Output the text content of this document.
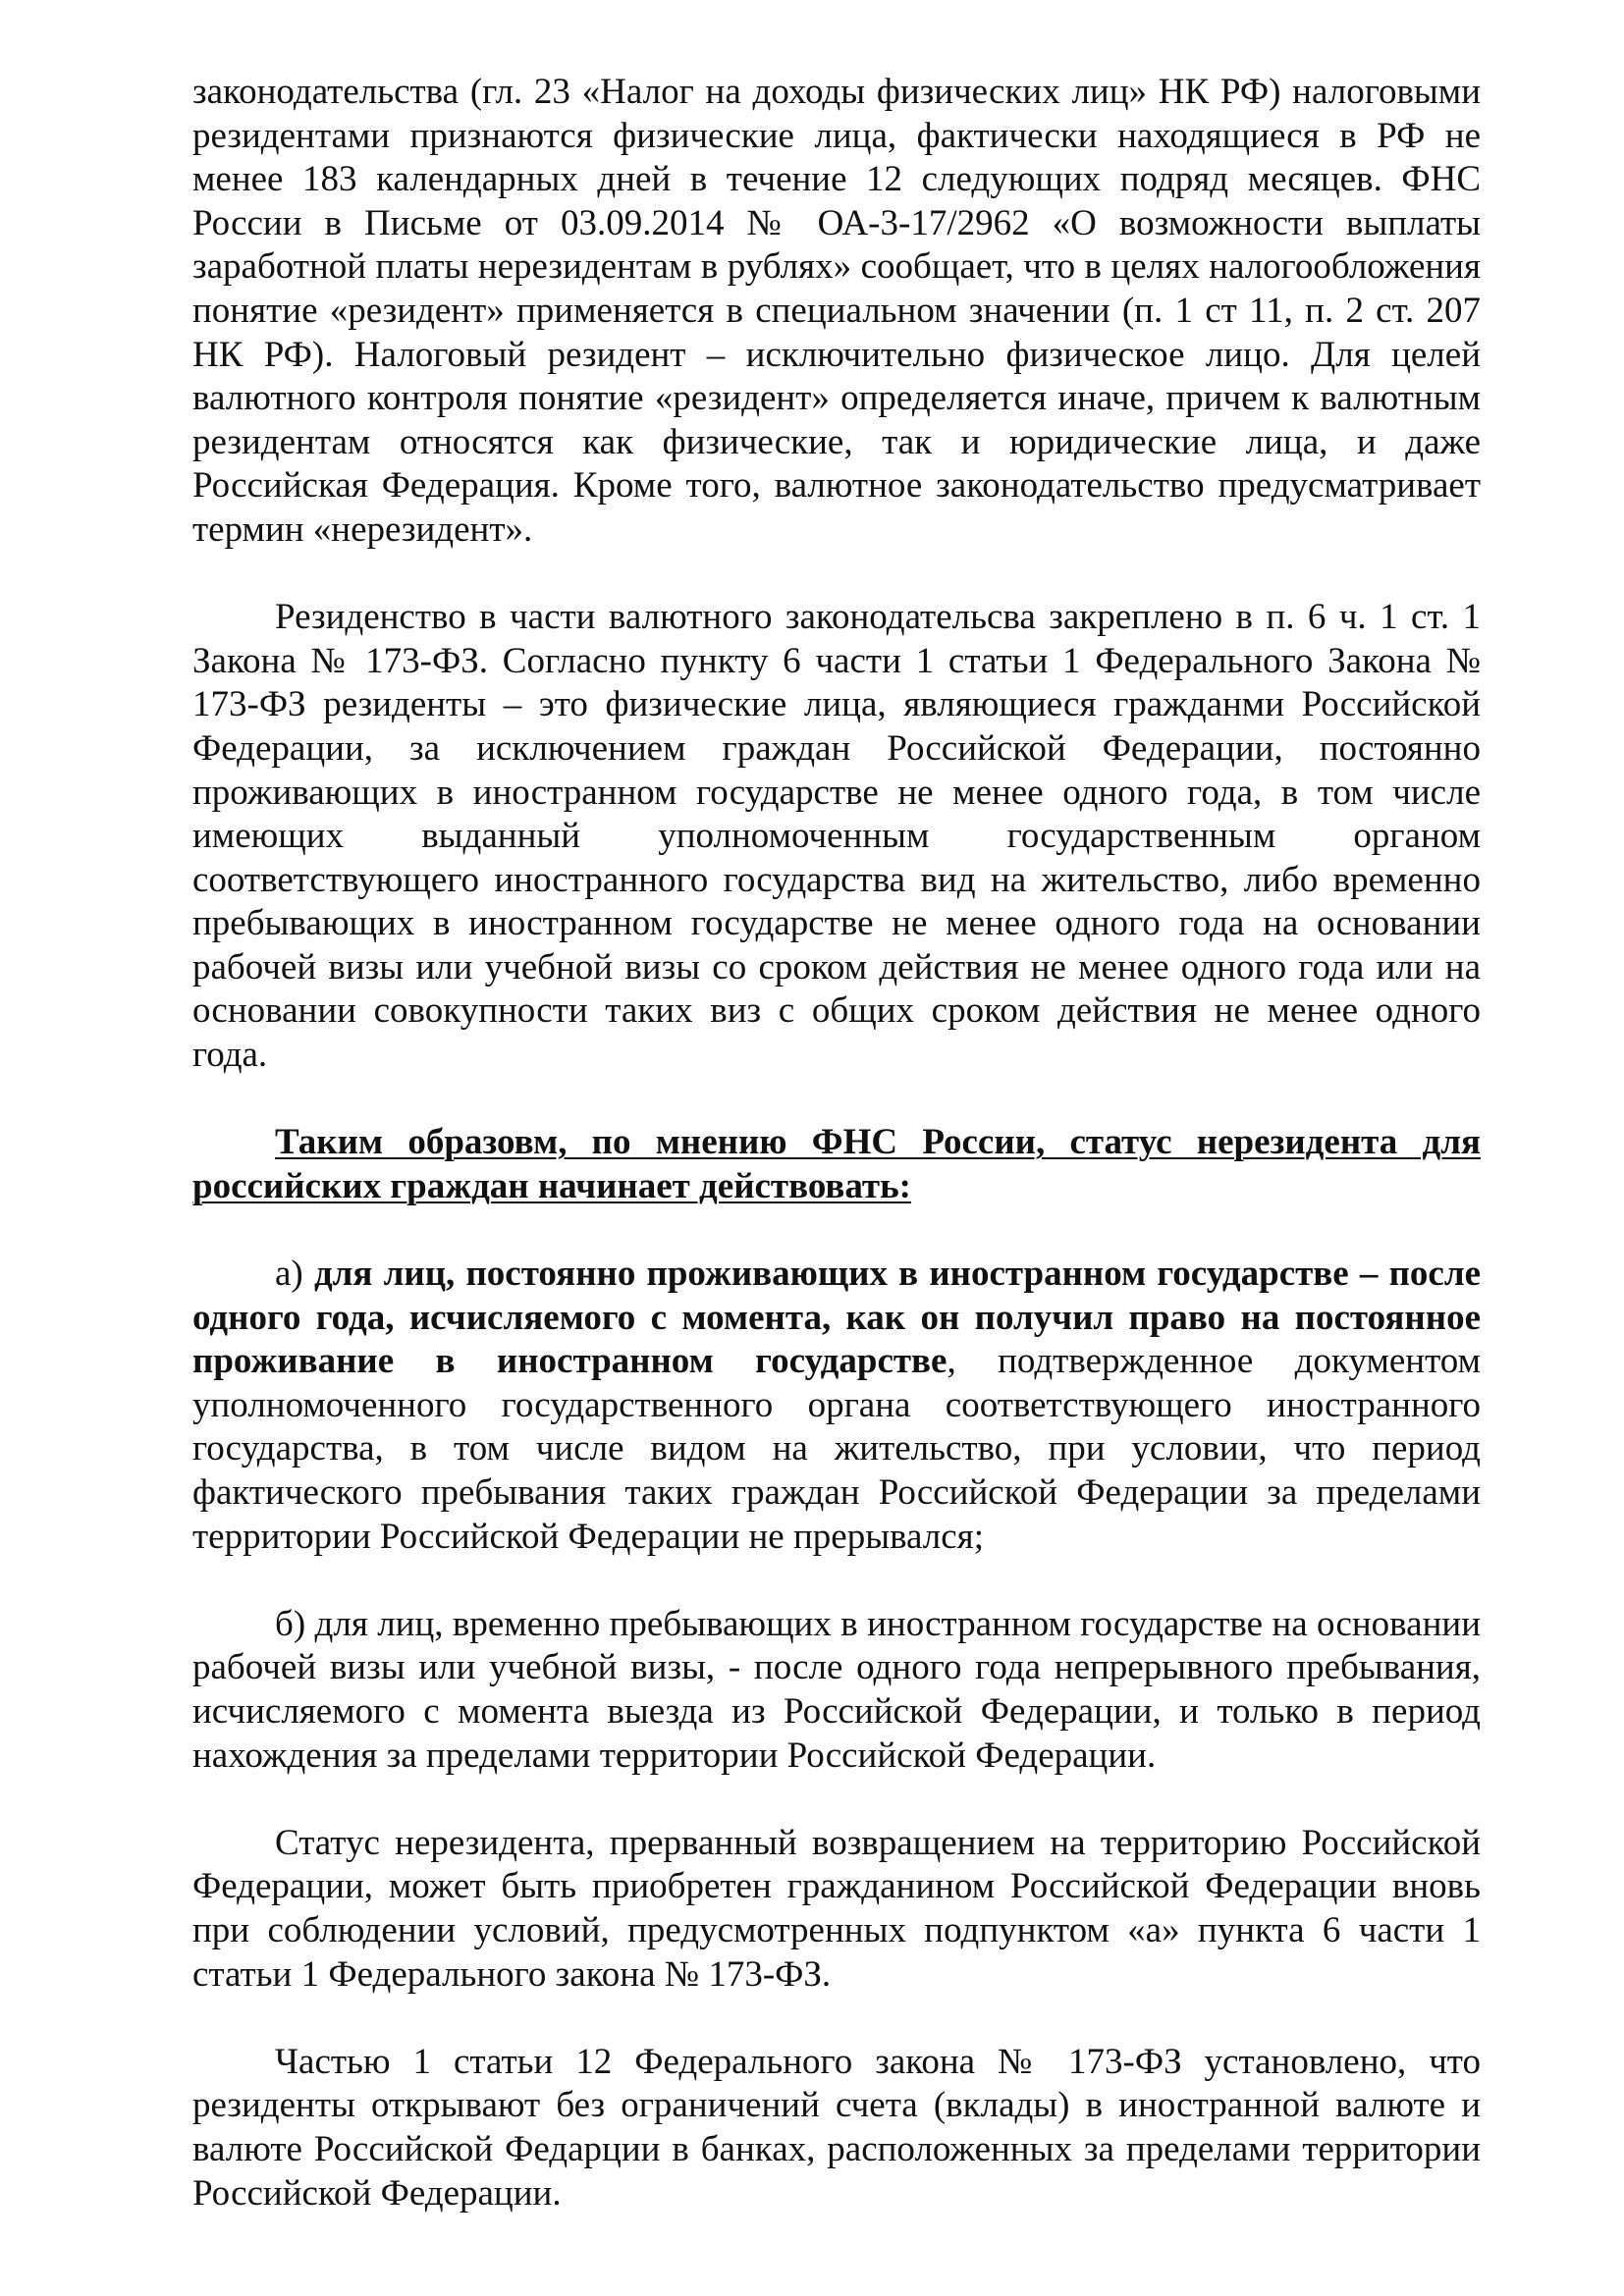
законодательства (гл. 23 «Налог на доходы физических лиц» НК РФ) налоговыми резидентами признаются физические лица, фактически находящиеся в РФ не менее 183 календарных дней в течение 12 следующих подряд месяцев. ФНС России в Письме от 03.09.2014 № ОА-3-17/2962 «О возможности выплаты заработной платы нерезидентам в рублях» сообщает, что в целях налогообложения понятие «резидент» применяется в специальном значении (п. 1 ст 11, п. 2 ст. 207 НК РФ). Налоговый резидент – исключительно физическое лицо. Для целей валютного контроля понятие «резидент» определяется иначе, причем к валютным резидентам относятся как физические, так и юридические лица, и даже Российская Федерация. Кроме того, валютное законодательство предусматривает термин «нерезидент».

Резиденство в части валютного законодательсва закреплено в п. 6 ч. 1 ст. 1 Закона № 173-ФЗ. Согласно пункту 6 части 1 статьи 1 Федерального Закона № 173-ФЗ резиденты – это физические лица, являющиеся гражданми Российской Федерации, за исключением граждан Российской Федерации, постоянно проживающих в иностранном государстве не менее одного года, в том числе имеющих выданный уполномоченным государственным органом соответствующего иностранного государства вид на жительство, либо временно пребывающих в иностранном государстве не менее одного года на основании рабочей визы или учебной визы со сроком действия не менее одного года или на основании совокупности таких виз с общих сроком действия не менее одного года.

Таким образовм, по мнению ФНС России, статус нерезидента для российских граждан начинает действовать:

а) для лиц, постоянно проживающих в иностранном государстве – после одного года, исчисляемого с момента, как он получил право на постоянное проживание в иностранном государстве, подтвержденное документом уполномоченного государственного органа соответствующего иностранного государства, в том числе видом на жительство, при условии, что период фактического пребывания таких граждан Российской Федерации за пределами территории Российской Федерации не прерывался;

б) для лиц, временно пребывающих в иностранном государстве на основании рабочей визы или учебной визы, - после одного года непрерывного пребывания, исчисляемого с момента выезда из Российской Федерации, и только в период нахождения за пределами территории Российской Федерации.

Статус нерезидента, прерванный возвращением на территорию Российской Федерации, может быть приобретен гражданином Российской Федерации вновь при соблюдении условий, предусмотренных подпунктом «а» пункта 6 части 1 статьи 1 Федерального закона № 173-ФЗ.

Частью 1 статьи 12 Федерального закона № 173-ФЗ установлено, что резиденты открывают без ограничений счета (вклады) в иностранной валюте и валюте Российской Федарции в банках, расположенных за пределами территории Российской Федерации.
